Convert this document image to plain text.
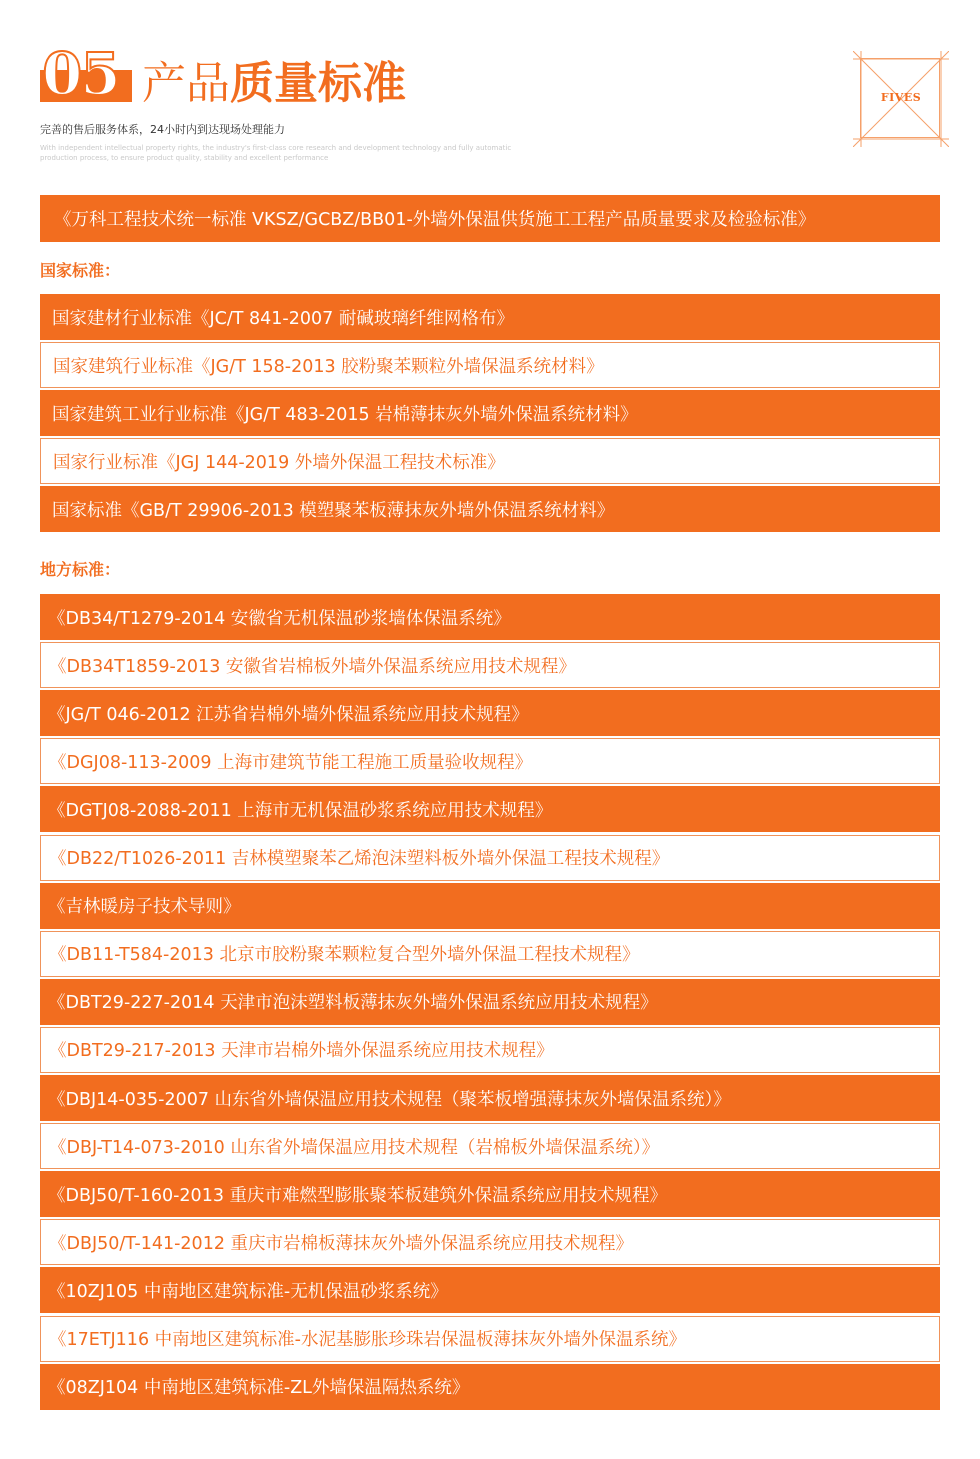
05 产品质量标准
完善的售后服务体系，24小时内到达现场处理能力
With independent intellectual property rights, the industry's first-class core research and development technology and fully automatic production process, to ensure product quality, stability and excellent performance
FIVES
《万科工程技术统一标准 VKSZ/GCBZ/BB01-外墙外保温供货施工工程产品质量要求及检验标准》
国家标准：
国家建材行业标准《JC/T 841-2007 耐碱玻璃纤维网格布》
国家建筑行业标准《JG/T 158-2013 胶粉聚苯颗粒外墙保温系统材料》
国家建筑工业行业标准《JG/T 483-2015 岩棉薄抹灰外墙外保温系统材料》
国家行业标准《JGJ 144-2019 外墙外保温工程技术标准》
国家标准《GB/T 29906-2013 模塑聚苯板薄抹灰外墙外保温系统材料》
地方标准：
《DB34/T1279-2014 安徽省无机保温砂浆墙体保温系统》
《DB34T1859-2013 安徽省岩棉板外墙外保温系统应用技术规程》
《JG/T 046-2012 江苏省岩棉外墙外保温系统应用技术规程》
《DGJ08-113-2009 上海市建筑节能工程施工质量验收规程》
《DGTJ08-2088-2011 上海市无机保温砂浆系统应用技术规程》
《DB22/T1026-2011 吉林模塑聚苯乙烯泡沫塑料板外墙外保温工程技术规程》
《吉林暖房子技术导则》
《DB11-T584-2013 北京市胶粉聚苯颗粒复合型外墙外保温工程技术规程》
《DBT29-227-2014 天津市泡沫塑料板薄抹灰外墙外保温系统应用技术规程》
《DBT29-217-2013 天津市岩棉外墙外保温系统应用技术规程》
《DBJ14-035-2007 山东省外墙保温应用技术规程（聚苯板增强薄抹灰外墙保温系统）》
《DBJ-T14-073-2010 山东省外墙保温应用技术规程（岩棉板外墙保温系统）》
《DBJ50/T-160-2013 重庆市难燃型膨胀聚苯板建筑外保温系统应用技术规程》
《DBJ50/T-141-2012 重庆市岩棉板薄抹灰外墙外保温系统应用技术规程》
《10ZJ105 中南地区建筑标准-无机保温砂浆系统》
《17ETJ116 中南地区建筑标准-水泥基膨胀珍珠岩保温板薄抹灰外墙外保温系统》
《08ZJ104 中南地区建筑标准-ZL外墙保温隔热系统》
